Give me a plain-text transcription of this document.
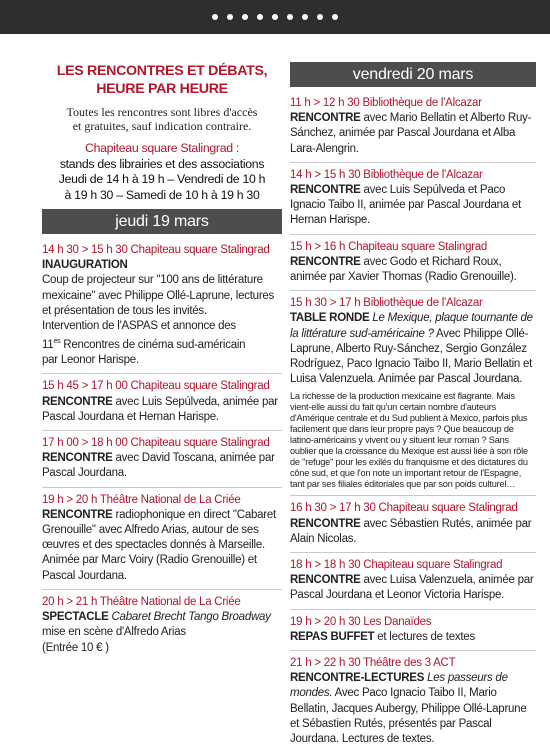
LES RENCONTRES ET DÉBATS,
HEURE PAR HEURE

Toutes les rencontres sont libres d'accès
et gratuites, sauf indication contraire.

Chapiteau square Stalingrad :
stands des librairies et des associations
Jeudi de 14 h à 19 h – Vendredi de 10 h
à 19 h 30 – Samedi de 10 h à 19 h 30
jeudi 19 mars
14 h 30 > 15 h 30 Chapiteau square Stalingrad
INAUGURATION
Coup de projecteur sur "100 ans de littérature mexicaine" avec Philippe Ollé-Laprune, lectures et présentation de tous les invités.
Intervention de l'ASPAS et annonce des
$11^{es}$ Rencontres de cinéma sud-américain
par Leonor Harispe.
15 h 45 > 17 h 00 Chapiteau square Stalingrad
RENCONTRE avec Luis Sepúlveda, animée par Pascal Jourdana et Hernan Harispe.
17 h 00 > 18 h 00 Chapiteau square Stalingrad
RENCONTRE avec David Toscana, animée par Pascal Jourdana.
19 h > 20 h Théâtre National de La Criée
RENCONTRE radiophonique en direct "Cabaret Grenouille" avec Alfredo Arias, autour de ses œuvres et des spectacles donnés à Marseille.
Animée par Marc Voiry (Radio Grenouille) et Pascal Jourdana.
20 h > 21 h Théâtre National de La Criée
SPECTACLE Cabaret Brecht Tango Broadway
mise en scène d'Alfredo Arias
(Entrée 10 € )
vendredi 20 mars
11 h > 12 h 30 Bibliothèque de l'Alcazar
RENCONTRE avec Mario Bellatin et Alberto Ruy-Sánchez, animée par Pascal Jourdana et Alba Lara-Alengrin.
14 h > 15 h 30 Bibliothèque de l'Alcazar
RENCONTRE avec Luis Sepúlveda et Paco Ignacio Taibo II, animée par Pascal Jourdana et Hernan Harispe.
15 h > 16 h Chapiteau square Stalingrad
RENCONTRE avec Godo et Richard Roux, animée par Xavier Thomas (Radio Grenouille).
15 h 30 > 17 h Bibliothèque de l'Alcazar
TABLE RONDE Le Mexique, plaque tournante de la littérature sud-américaine ? Avec Philippe Ollé-Laprune, Alberto Ruy-Sánchez, Sergio González Rodríguez, Paco Ignacio Taibo II, Mario Bellatin et Luisa Valenzuela. Animée par Pascal Jourdana.
La richesse de la production mexicaine est flagrante. Mais vient-elle aussi du fait qu'un certain nombre d'auteurs d'Amérique centrale et du Sud publient à Mexico, parfois plus facilement que dans leur propre pays ? Que beaucoup de latino-américains y vivent ou y situent leur roman ? Sans oublier que la croissance du Mexique est aussi liée à son rôle de "refuge" pour les exilés du franquisme et des dictatures du cône sud, et que l'on note un important retour de l'Espagne, tant par ses filiales éditoriales que par son poids culturel…
16 h 30 > 17 h 30 Chapiteau square Stalingrad
RENCONTRE avec Sébastien Rutés, animée par Alain Nicolas.
18 h > 18 h 30 Chapiteau square Stalingrad
RENCONTRE avec Luisa Valenzuela, animée par Pascal Jourdana et Leonor Victoria Harispe.
19 h > 20 h 30 Les Danaïdes
REPAS BUFFET et lectures de textes
21 h > 22 h 30 Théâtre des 3 ACT
RENCONTRE-LECTURES Les passeurs de mondes. Avec Paco Ignacio Taibo II, Mario Bellatin, Jacques Aubergy, Philippe Ollé-Laprune et Sébastien Rutés, présentés par Pascal Jourdana. Lectures de textes.
